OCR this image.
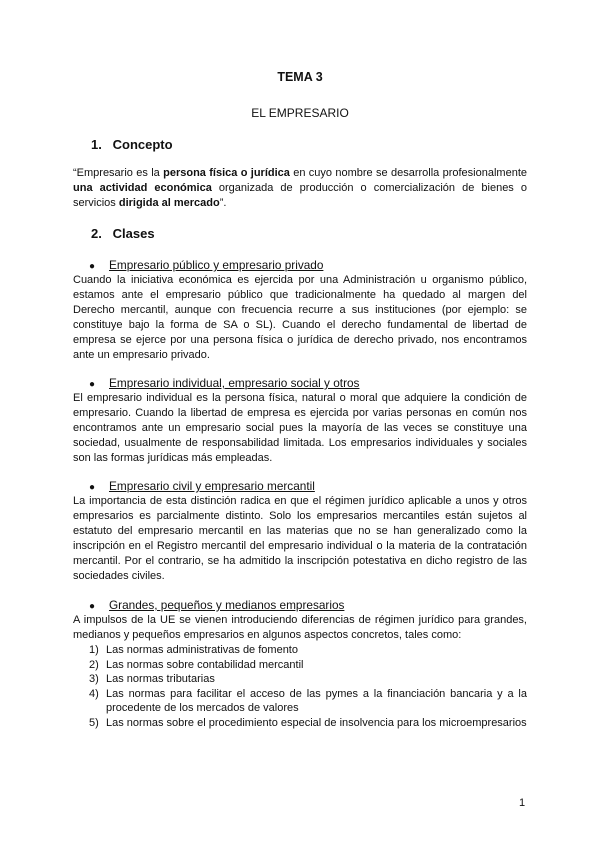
TEMA 3
EL EMPRESARIO
1. Concepto

“Empresario es la persona física o jurídica en cuyo nombre se desarrolla profesionalmente una actividad económica organizada de producción o comercialización de bienes o servicios dirigida al mercado”.

2. Clases
● Empresario público y empresario privado

Cuando la iniciativa económica es ejercida por una Administración u organismo público, estamos ante el empresario público que tradicionalmente ha quedado al margen del Derecho mercantil, aunque con frecuencia recurre a sus instituciones (por ejemplo: se constituye bajo la forma de SA o SL). Cuando el derecho fundamental de libertad de empresa se ejerce por una persona física o jurídica de derecho privado, nos encontramos ante un empresario privado.

● Empresario individual, empresario social y otros

El empresario individual es la persona física, natural o moral que adquiere la condición de empresario. Cuando la libertad de empresa es ejercida por varias personas en común nos encontramos ante un empresario social pues la mayoría de las veces se constituye una sociedad, usualmente de responsabilidad limitada. Los empresarios individuales y sociales son las formas jurídicas más empleadas.

● Empresario civil y empresario mercantil

La importancia de esta distinción radica en que el régimen jurídico aplicable a unos y otros empresarios es parcialmente distinto. Solo los empresarios mercantiles están sujetos al estatuto del empresario mercantil en las materias que no se han generalizado como la inscripción en el Registro mercantil del empresario individual o la materia de la contratación mercantil. Por el contrario, se ha admitido la inscripción potestativa en dicho registro de las sociedades civiles.

● Grandes, pequeños y medianos empresarios

A impulsos de la UE se vienen introduciendo diferencias de régimen jurídico para grandes, medianos y pequeños empresarios en algunos aspectos concretos, tales como:

1) Las normas administrativas de fomento
2) Las normas sobre contabilidad mercantil
3) Las normas tributarias
4) Las normas para facilitar el acceso de las pymes a la financiación bancaria y a la procedente de los mercados de valores
5) Las normas sobre el procedimiento especial de insolvencia para los microempresarios
1
